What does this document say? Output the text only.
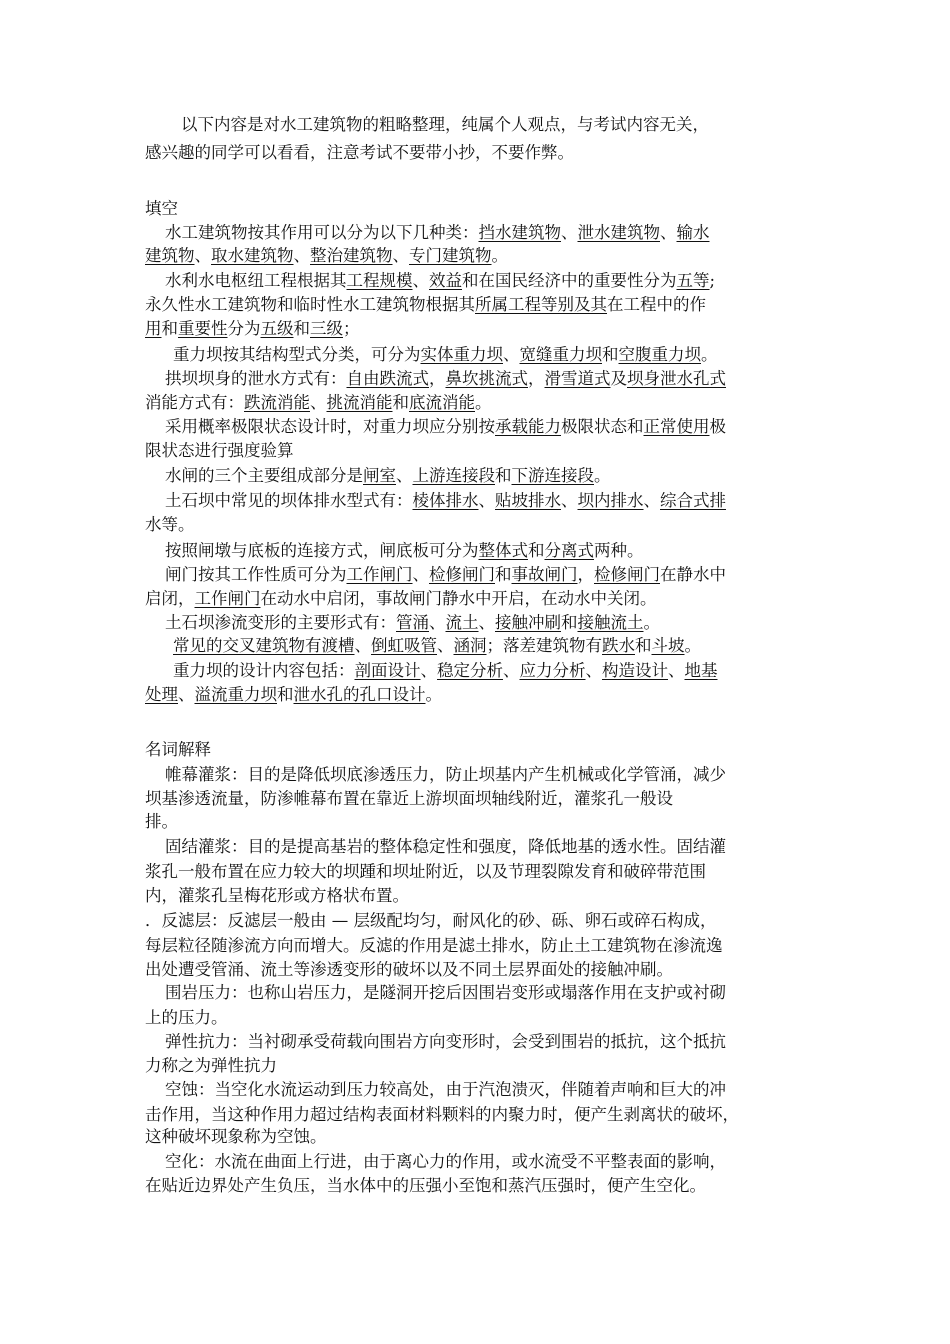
以下内容是对水工建筑物的粗略整理，纯属个人观点，与考试内容无关，
感兴趣的同学可以看看，注意考试不要带小抄，不要作弊。
填空
水工建筑物按其作用可以分为以下几种类：挡水建筑物、泄水建筑物、输水
建筑物、取水建筑物、整治建筑物、专门建筑物。
水利水电枢纽工程根据其工程规模、效益和在国民经济中的重要性分为五等;
永久性水工建筑物和临时性水工建筑物根据其所属工程等别及其在工程中的作
用和重要性分为五级和三级；
重力坝按其结构型式分类，可分为实体重力坝、宽缝重力坝和空腹重力坝。
拱坝坝身的泄水方式有：自由跌流式，鼻坎挑流式，滑雪道式及坝身泄水孔式
消能方式有：跌流消能、挑流消能和底流消能。
采用概率极限状态设计时，对重力坝应分别按承载能力极限状态和正常使用极
限状态进行强度验算
水闸的三个主要组成部分是闸室、上游连接段和下游连接段。
土石坝中常见的坝体排水型式有：棱体排水、贴坡排水、坝内排水、综合式排
水等。
按照闸墩与底板的连接方式，闸底板可分为整体式和分离式两种。
闸门按其工作性质可分为工作闸门、检修闸门和事故闸门，检修闸门在静水中
启闭，工作闸门在动水中启闭，事故闸门静水中开启，在动水中关闭。
土石坝渗流变形的主要形式有：管涌、流土、接触冲刷和接触流土。
常见的交叉建筑物有渡槽、倒虹吸管、涵洞；落差建筑物有跌水和斗坡。
重力坝的设计内容包括：剖面设计、稳定分析、应力分析、构造设计、地基
处理、溢流重力坝和泄水孔的孔口设计。
名词解释
帷幕灌浆：目的是降低坝底渗透压力，防止坝基内产生机械或化学管涌，减少
坝基渗透流量，防渗帷幕布置在靠近上游坝面坝轴线附近，灌浆孔一般设
排。
固结灌浆：目的是提高基岩的整体稳定性和强度，降低地基的透水性。固结灌
浆孔一般布置在应力较大的坝踵和坝址附近，以及节理裂隙发育和破碎带范围
内，灌浆孔呈梅花形或方格状布置。
．反滤层：反滤层一般由 — 层级配均匀，耐风化的砂、砾、卵石或碎石构成，
每层粒径随渗流方向而增大。反滤的作用是滤土排水，防止土工建筑物在渗流逸
出处遭受管涌、流土等渗透变形的破坏以及不同土层界面处的接触冲刷。
围岩压力：也称山岩压力，是隧洞开挖后因围岩变形或塌落作用在支护或衬砌
上的压力。
弹性抗力：当衬砌承受荷载向围岩方向变形时，会受到围岩的抵抗，这个抵抗
力称之为弹性抗力
空蚀：当空化水流运动到压力较高处，由于汽泡溃灭，伴随着声响和巨大的冲
击作用，当这种作用力超过结构表面材料颗料的内聚力时，便产生剥离状的破坏，
这种破坏现象称为空蚀。
空化：水流在曲面上行进，由于离心力的作用，或水流受不平整表面的影响，
在贴近边界处产生负压，当水体中的压强小至饱和蒸汽压强时，便产生空化。
